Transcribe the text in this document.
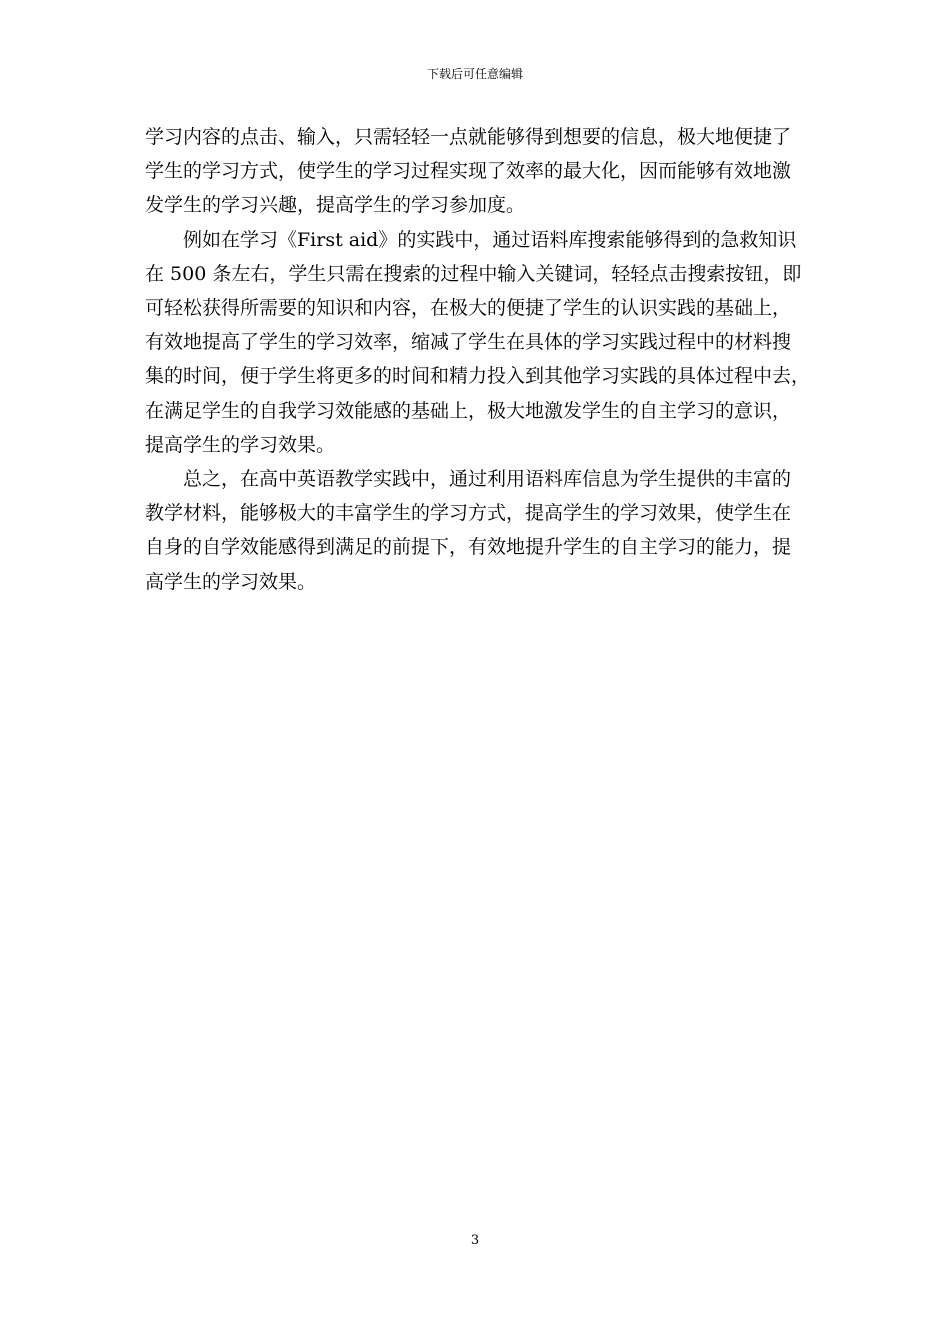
下载后可任意编辑

学习内容的点击、输入，只需轻轻一点就能够得到想要的信息，极大地便捷了
学生的学习方式，使学生的学习过程实现了效率的最大化，因而能够有效地激
发学生的学习兴趣，提高学生的学习参加度。

例如在学习《First aid》的实践中，通过语料库搜索能够得到的急救知识
在 500 条左右，学生只需在搜索的过程中输入关键词，轻轻点击搜索按钮，即
可轻松获得所需要的知识和内容，在极大的便捷了学生的认识实践的基础上，
有效地提高了学生的学习效率，缩减了学生在具体的学习实践过程中的材料搜
集的时间，便于学生将更多的时间和精力投入到其他学习实践的具体过程中去，
在满足学生的自我学习效能感的基础上，极大地激发学生的自主学习的意识，
提高学生的学习效果。

总之，在高中英语教学实践中，通过利用语料库信息为学生提供的丰富的
教学材料，能够极大的丰富学生的学习方式，提高学生的学习效果，使学生在
自身的自学效能感得到满足的前提下，有效地提升学生的自主学习的能力，提
高学生的学习效果。

3
